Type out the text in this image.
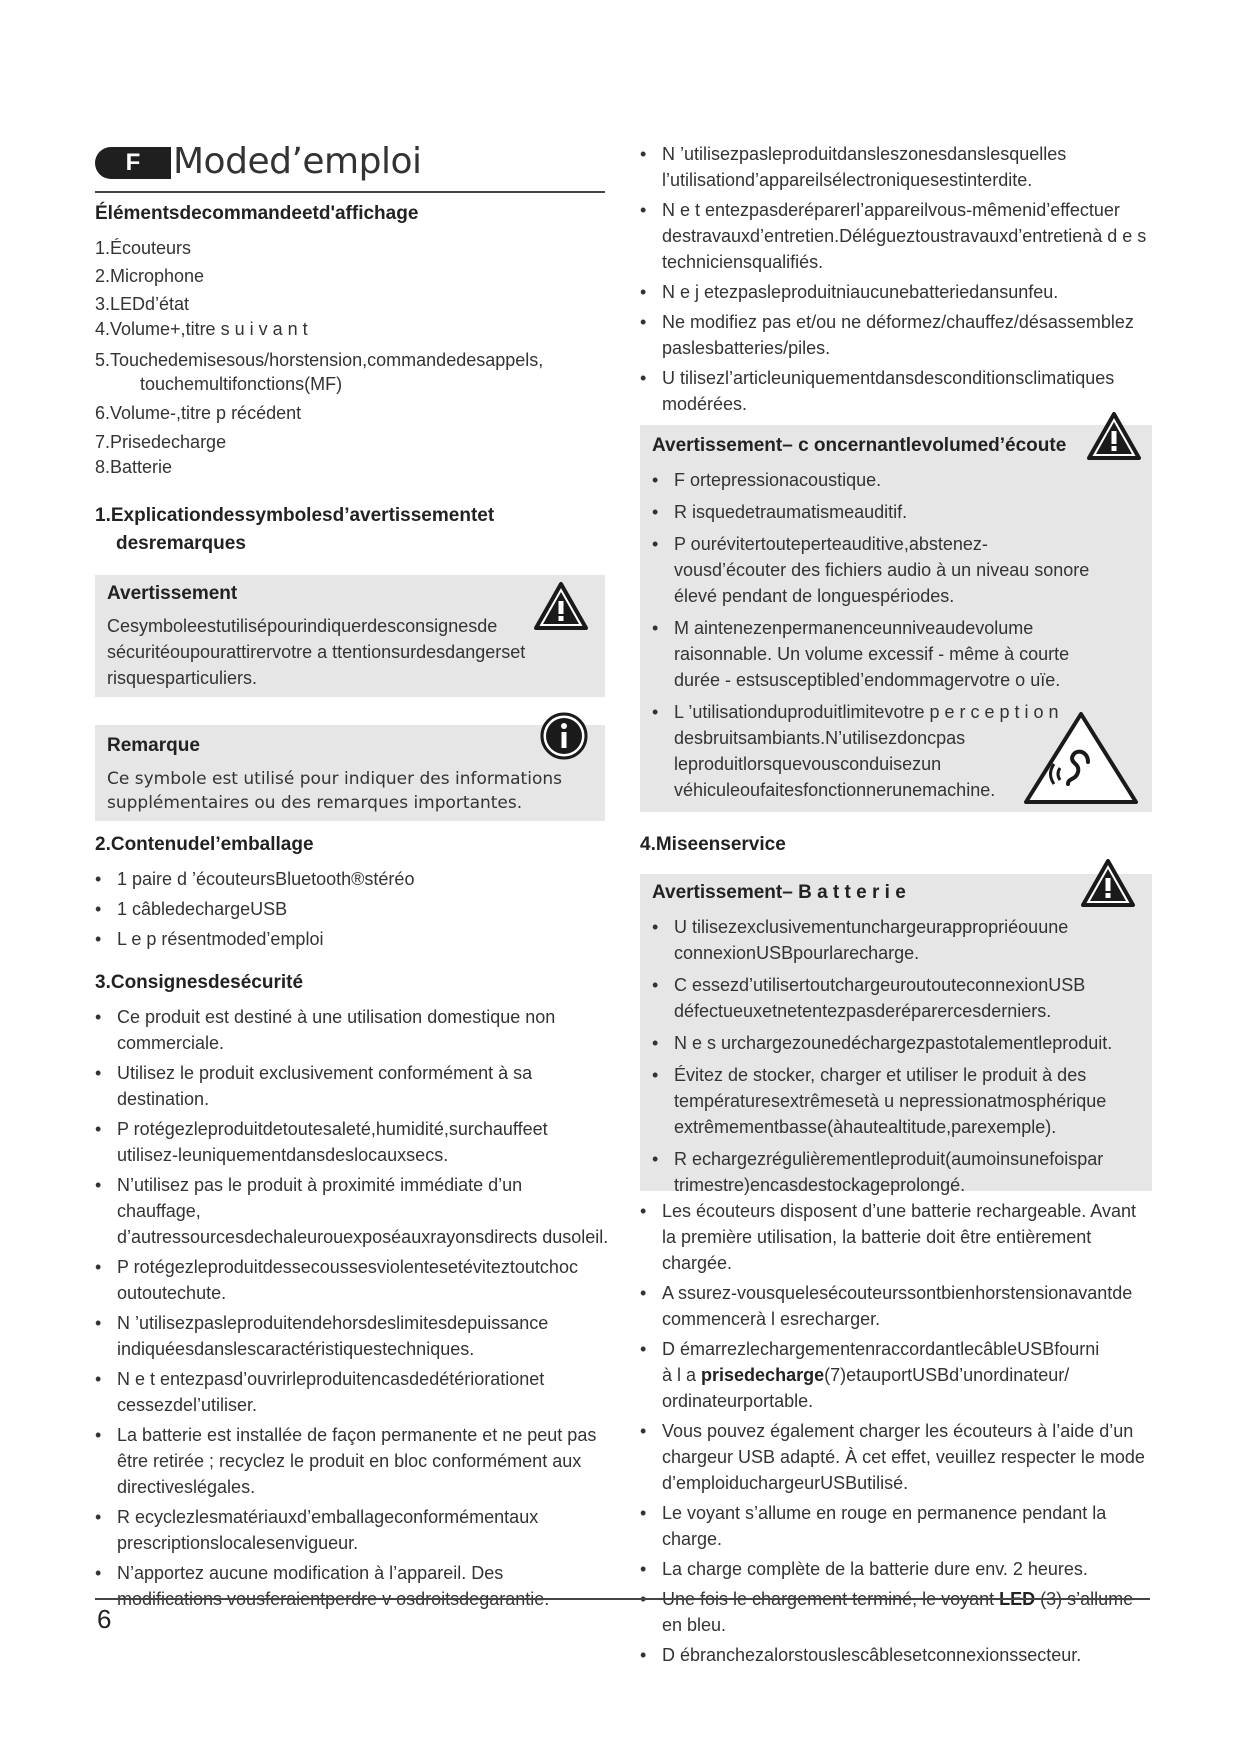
F Moded’emploi
Élémentsdecommandeetd'affichage
1.Écouteurs
2.Microphone
3.LEDd’état
4.Volume+,titre s u i v a n t
5.Touchedemisesous/horstension,commandedesappels,
touchemultifonctions(MF)
6.Volume-,titre p récédent
7.Prisedecharge
8.Batterie
1.Explicationdessymbolesd’avertissementet
desremarques
Avertissement
Cesymboleestutilisépourindiquerdesconsignesde sécuritéoupourattirervotre a ttentionsurdesdangerset risquesparticuliers.
Remarque
Ce symbole est utilisé pour indiquer des informations supplémentaires ou des remarques importantes.
2.Contenudel’emballage
• 1 paire d ’écouteursBluetooth®stéréo
• 1 câbledechargeUSB
• L e p résentmoded’emploi
3.Consignesdesécurité
• Ce produit est destiné à une utilisation domestique non commerciale.
• Utilisez le produit exclusivement conformément à sa destination.
• P rotégezleproduitdetoutesaleté,humidité,surchauffeet utilisez-leuniquementdansdeslocauxsecs.
• N’utilisez pas le produit à proximité immédiate d’un chauffage, d’autressourcesdechaleurouexposéauxrayonsdirects dusoleil.
• P rotégezleproduitdessecoussesviolentesetéviteztoutchoc outoutechute.
• N ’utilisezpasleproduitendehorsdeslimitesdepuissance indiquéesdanslescaractéristiquestechniques.
• N e t entezpasd’ouvrirleproduitencasdedétériorationet cessezdel’utiliser.
• La batterie est installée de façon permanente et ne peut pas être retirée ; recyclez le produit en bloc conformément aux directiveslégales.
• R ecyclezlesmatériauxd’emballageconformémentaux prescriptionslocalesenvigueur.
• N’apportez aucune modification à l’appareil. Des modifications vousferaientperdre v osdroitsdegarantie.
• N ’utilisezpasleproduitdansleszonesdanslesquelles l’utilisationd’appareilsélectroniquesestinterdite.
• N e t entezpasderéparerl’appareilvous-mêmenid’effectuer destravauxd’entretien.Délégueztoustravauxd’entretienà d e s techniciensqualifiés.
• N e j etezpasleproduitniaucunebatteriedansunfeu.
• Ne modifiez pas et/ou ne déformez/chauffez/désassemblez paslesbatteries/piles.
• U tilisezl’articleuniquementdansdesconditionsclimatiques modérées.
Avertissement– c oncernantlevolumed’écoute
• F ortepressionacoustique.
• R isquedetraumatismeauditif.
• P ourévitertouteperteauditive,abstenez-vousd’écouter des fichiers audio à un niveau sonore élevé pendant de longuespériodes.
• M aintenezenpermanenceunniveaudevolume raisonnable. Un volume excessif - même à courte durée - estsusceptibled’endommagervotre o uïe.
• L ’utilisationduproduitlimitevotre p e r c e p t i o n desbruitsambiants.N’utilisezdoncpas leproduitlorsquevousconduisezun véhiculeoufaitesfonctionnerunemachine.
4.Miseenservice
Avertissement– B a t t e r i e
• U tilisezexclusivementunchargeurappropriéouune connexionUSBpourlarecharge.
• C essezd’utilisertoutchargeuroutouteconnexionUSB défectueuxetnetentezpasderéparercesderniers.
• N e s urchargezounedéchargezpastotalementleproduit.
• Évitez de stocker, charger et utiliser le produit à des températuresextrêmesetà u nepressionatmosphérique extrêmementbasse(àhautealtitude,parexemple).
• R echargezrégulièrementleproduit(aumoinsunefoispar trimestre)encasdestockageprolongé.
• Les écouteurs disposent d’une batterie rechargeable. Avant la première utilisation, la batterie doit être entièrement chargée.
• A ssurez-vousquelesécouteurssontbienhorstensionavantde commencerà l esrecharger.
• D émarrezlechargementenraccordantlecâbleUSBfourni
à l a prisedecharge(7)etauportUSBd’unordinateur/ ordinateurportable.
• Vous pouvez également charger les écouteurs à l’aide d’un chargeur USB adapté. À cet effet, veuillez respecter le mode d’emploiduchargeurUSButilisé.
• Le voyant s’allume en rouge en permanence pendant la charge.
• La charge complète de la batterie dure env. 2 heures.
• Une fois le chargement terminé, le voyant LED (3) s’allume en bleu.
• D ébranchezalorstouslescâblesetconnexionssecteur.
6
